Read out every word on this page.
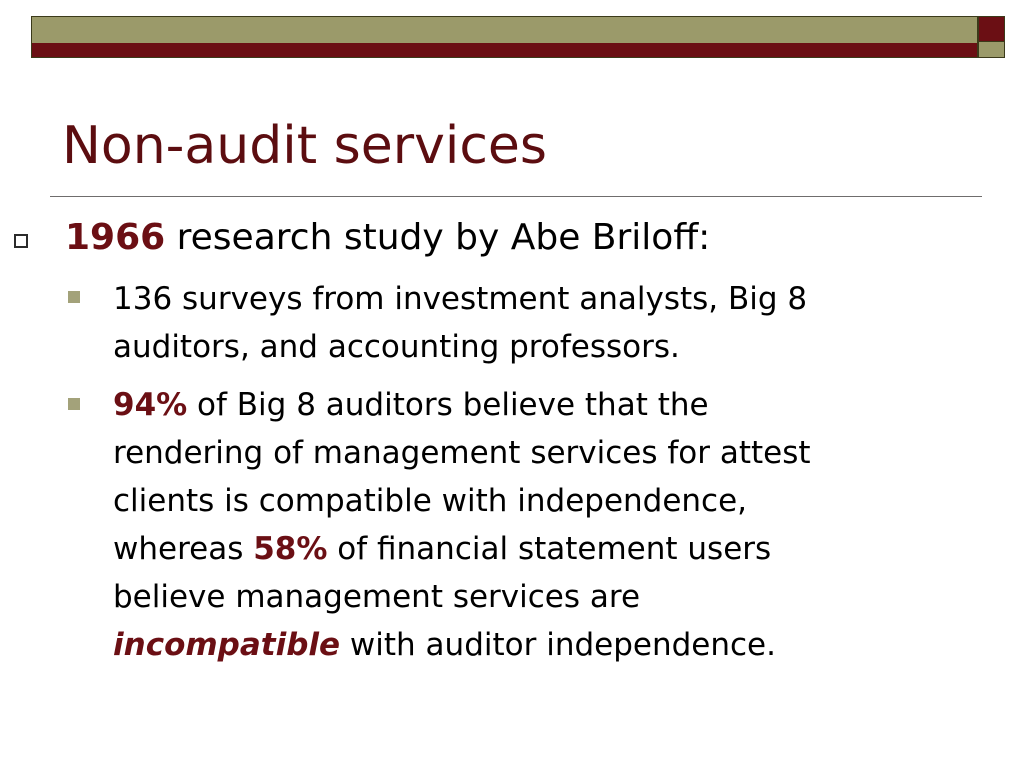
Non-audit services
1966 research study by Abe Briloff:
136 surveys from investment analysts, Big 8
auditors, and accounting professors.
94% of Big 8 auditors believe that the
rendering of management services for attest
clients is compatible with independence,
whereas 58% of financial statement users
believe management services are
incompatible with auditor independence.
